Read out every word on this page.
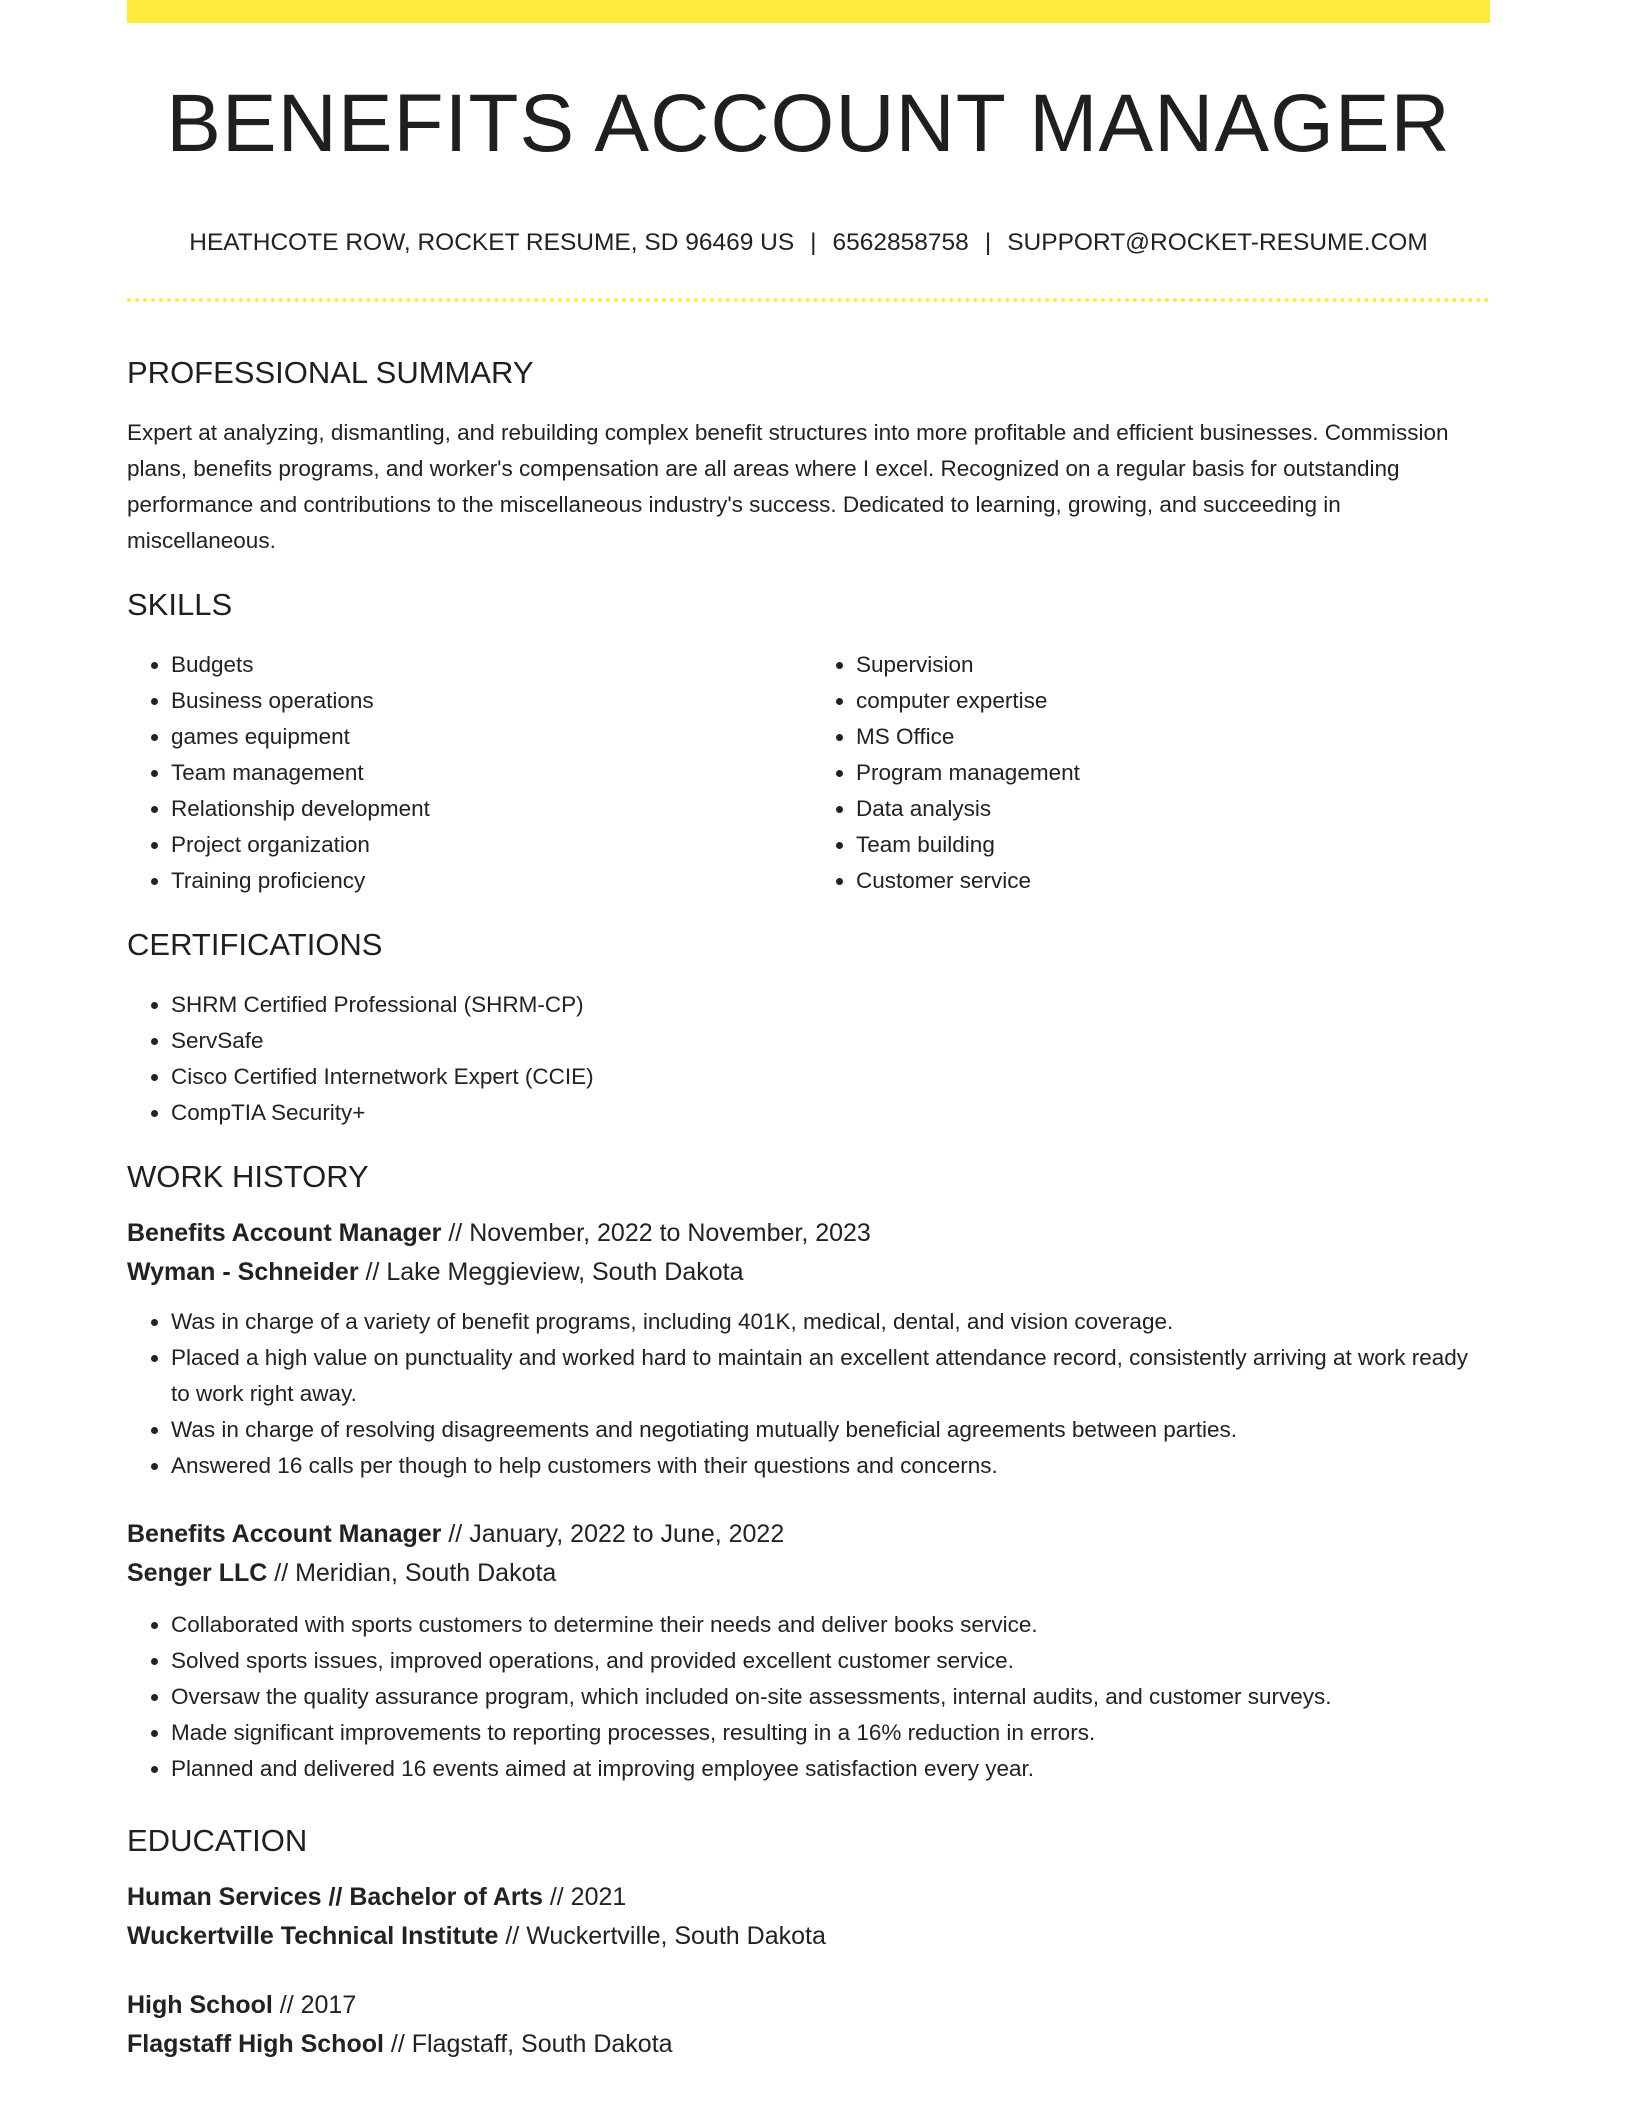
BENEFITS ACCOUNT MANAGER
HEATHCOTE ROW, ROCKET RESUME, SD 96469 US | 6562858758 | SUPPORT@ROCKET-RESUME.COM
PROFESSIONAL SUMMARY
Expert at analyzing, dismantling, and rebuilding complex benefit structures into more profitable and efficient businesses. Commission plans, benefits programs, and worker's compensation are all areas where I excel. Recognized on a regular basis for outstanding performance and contributions to the miscellaneous industry's success. Dedicated to learning, growing, and succeeding in miscellaneous.
SKILLS
• Budgets
• Business operations
• games equipment
• Team management
• Relationship development
• Project organization
• Training proficiency
• Supervision
• computer expertise
• MS Office
• Program management
• Data analysis
• Team building
• Customer service
CERTIFICATIONS
• SHRM Certified Professional (SHRM-CP)
• ServSafe
• Cisco Certified Internetwork Expert (CCIE)
• CompTIA Security+
WORK HISTORY
Benefits Account Manager // November, 2022 to November, 2023
Wyman - Schneider // Lake Meggieview, South Dakota
• Was in charge of a variety of benefit programs, including 401K, medical, dental, and vision coverage.
• Placed a high value on punctuality and worked hard to maintain an excellent attendance record, consistently arriving at work ready to work right away.
• Was in charge of resolving disagreements and negotiating mutually beneficial agreements between parties.
• Answered 16 calls per though to help customers with their questions and concerns.
Benefits Account Manager // January, 2022 to June, 2022
Senger LLC // Meridian, South Dakota
• Collaborated with sports customers to determine their needs and deliver books service.
• Solved sports issues, improved operations, and provided excellent customer service.
• Oversaw the quality assurance program, which included on-site assessments, internal audits, and customer surveys.
• Made significant improvements to reporting processes, resulting in a 16% reduction in errors.
• Planned and delivered 16 events aimed at improving employee satisfaction every year.
EDUCATION
Human Services // Bachelor of Arts // 2021
Wuckertville Technical Institute // Wuckertville, South Dakota
High School // 2017
Flagstaff High School // Flagstaff, South Dakota
